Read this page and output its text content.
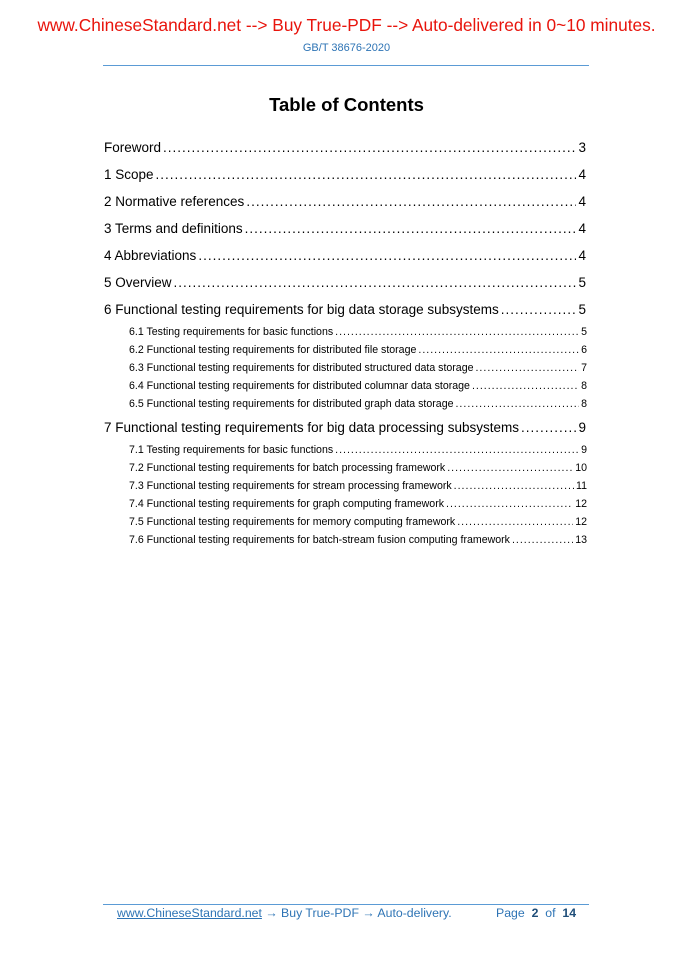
www.ChineseStandard.net --> Buy True-PDF --> Auto-delivered in 0~10 minutes.
GB/T 38676-2020
Table of Contents
Foreword .....	3
1 Scope .....	4
2 Normative references .....	4
3 Terms and definitions .....	4
4 Abbreviations .....	4
5 Overview .....	5
6 Functional testing requirements for big data storage subsystems .....	5
6.1 Testing requirements for basic functions .....	5
6.2 Functional testing requirements for distributed file storage .....	6
6.3 Functional testing requirements for distributed structured data storage .....	7
6.4 Functional testing requirements for distributed columnar data storage .....	8
6.5 Functional testing requirements for distributed graph data storage .....	8
7 Functional testing requirements for big data processing subsystems .....	9
7.1 Testing requirements for basic functions .....	9
7.2 Functional testing requirements for batch processing framework .....	10
7.3 Functional testing requirements for stream processing framework .....	11
7.4 Functional testing requirements for graph computing framework .....	12
7.5 Functional testing requirements for memory computing framework .....	12
7.6 Functional testing requirements for batch-stream fusion computing framework .....	13
www.ChineseStandard.net → Buy True-PDF → Auto-delivery.	Page 2 of 14
